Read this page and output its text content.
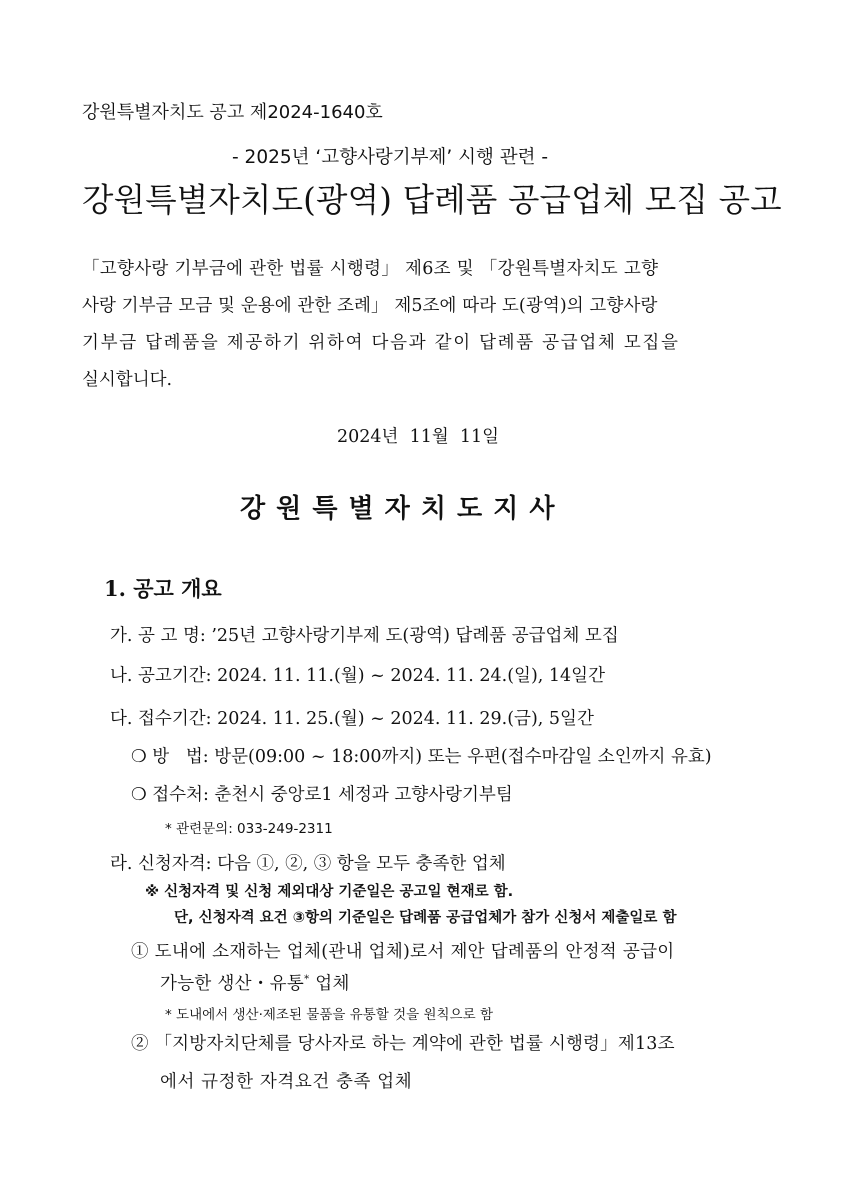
강원특별자치도 공고 제2024-1640호
- 2025년 ‘고향사랑기부제’ 시행 관련 -
강원특별자치도(광역) 답례품 공급업체 모집 공고
「고향사랑 기부금에 관한 법률 시행령」 제6조 및 「강원특별자치도 고향
사랑 기부금 모금 및 운용에 관한 조례」 제5조에 따라 도(광역)의 고향사랑
기부금 답례품을 제공하기 위하여 다음과 같이 답례품 공급업체 모집을
실시합니다.
2024년  11월  11일
강 원 특 별 자 치 도 지 사
1. 공고 개요
가. 공 고 명: ’25년 고향사랑기부제 도(광역) 답례품 공급업체 모집
나. 공고기간: 2024. 11. 11.(월) ~ 2024. 11. 24.(일), 14일간
다. 접수기간: 2024. 11. 25.(월) ~ 2024. 11. 29.(금), 5일간
❍ 방   법: 방문(09:00 ~ 18:00까지) 또는 우편(접수마감일 소인까지 유효)
❍ 접수처: 춘천시 중앙로1 세정과 고향사랑기부팀
* 관련문의: 033-249-2311
라. 신청자격: 다음 ①, ②, ③ 항을 모두 충족한 업체
※ 신청자격 및 신청 제외대상 기준일은 공고일 현재로 함.
단, 신청자격 요건 ③항의 기준일은 답례품 공급업체가 참가 신청서 제출일로 함
① 도내에 소재하는 업체(관내 업체)로서 제안 답례품의 안정적 공급이
가능한 생산・유통* 업체
* 도내에서 생산·제조된 물품을 유통할 것을 원칙으로 함
② 「지방자치단체를 당사자로 하는 계약에 관한 법률 시행령」제13조
에서 규정한 자격요건 충족 업체
